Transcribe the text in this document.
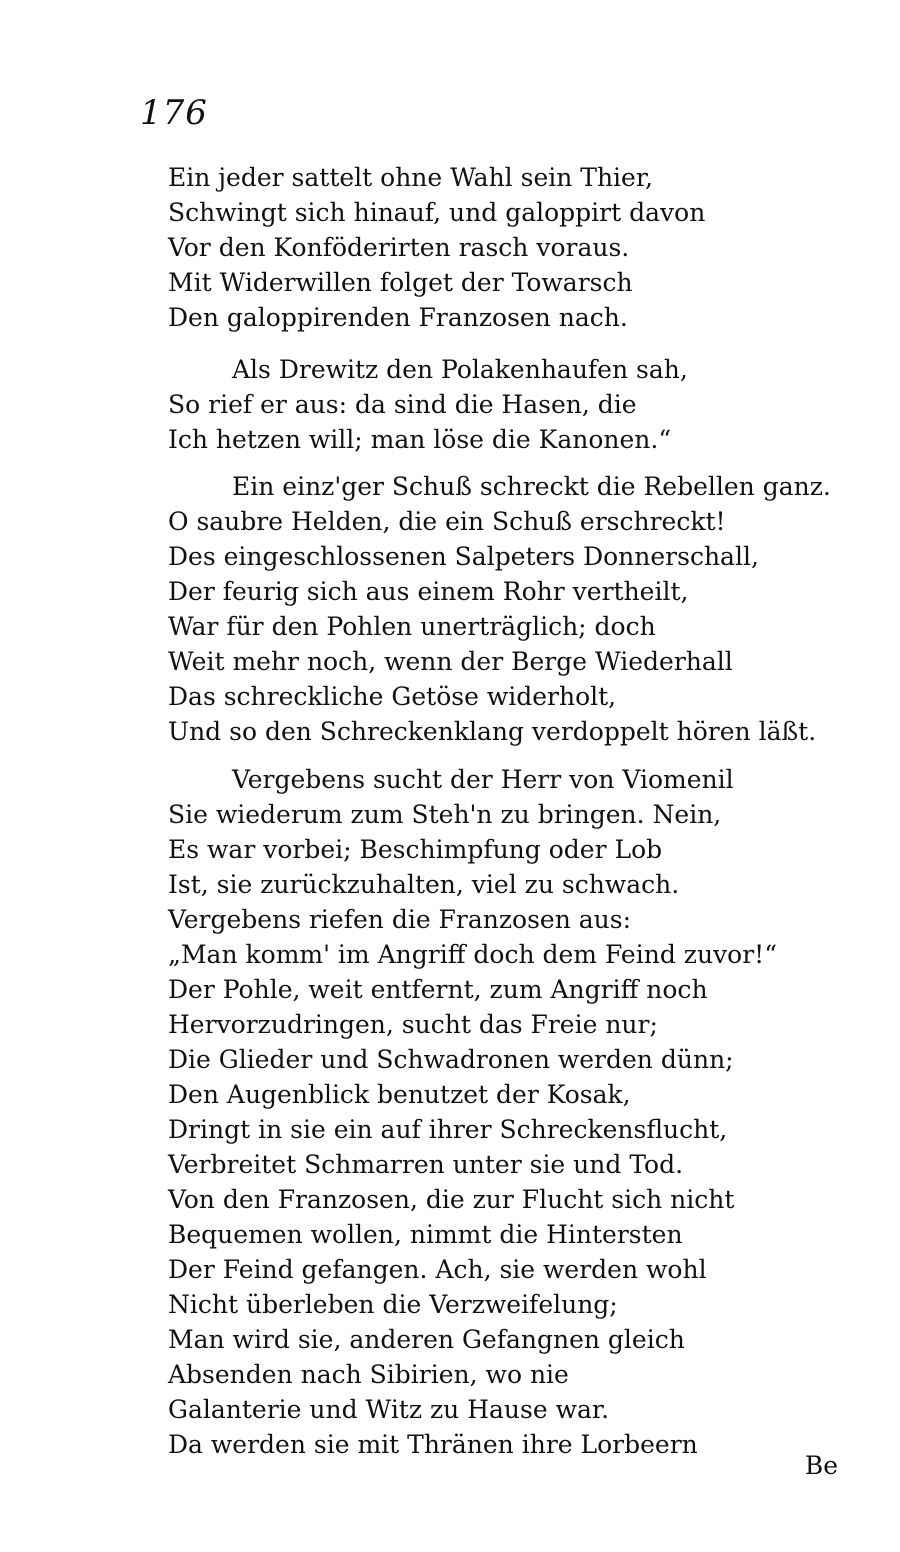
176
Ein jeder sattelt ohne Wahl sein Thier,
Schwingt sich hinauf, und galoppirt davon
Vor den Konföderirten rasch voraus.
Mit Widerwillen folget der Towarsch
Den galoppirenden Franzosen nach.
Als Drewitz den Polakenhaufen sah,
So rief er aus: da sind die Hasen, die
Ich hetzen will; man löse die Kanonen.“
Ein einz'ger Schuß schreckt die Rebellen ganz.
O saubre Helden, die ein Schuß erschreckt!
Des eingeschlossenen Salpeters Donnerschall,
Der feurig sich aus einem Rohr vertheilt,
War für den Pohlen unerträglich; doch
Weit mehr noch, wenn der Berge Wiederhall
Das schreckliche Getöse widerholt,
Und so den Schreckenklang verdoppelt hören läßt.
Vergebens sucht der Herr von Viomenil
Sie wiederum zum Steh'n zu bringen. Nein,
Es war vorbei; Beschimpfung oder Lob
Ist, sie zurückzuhalten, viel zu schwach.
Vergebens riefen die Franzosen aus:
„Man komm' im Angriff doch dem Feind zuvor!“
Der Pohle, weit entfernt, zum Angriff noch
Hervorzudringen, sucht das Freie nur;
Die Glieder und Schwadronen werden dünn;
Den Augenblick benutzet der Kosak,
Dringt in sie ein auf ihrer Schreckensflucht,
Verbreitet Schmarren unter sie und Tod.
Von den Franzosen, die zur Flucht sich nicht
Bequemen wollen, nimmt die Hintersten
Der Feind gefangen. Ach, sie werden wohl
Nicht überleben die Verzweifelung;
Man wird sie, anderen Gefangnen gleich
Absenden nach Sibirien, wo nie
Galanterie und Witz zu Hause war.
Da werden sie mit Thränen ihre Lorbeern
Be
